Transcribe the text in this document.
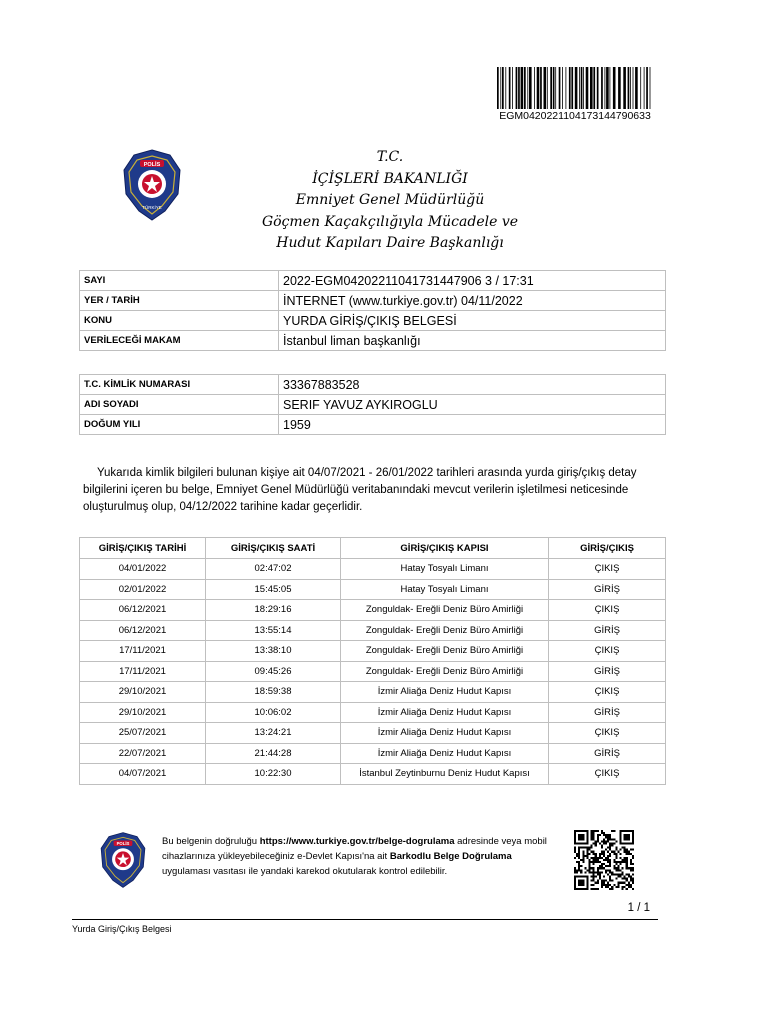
EGM0420221104173144790633
POLİS
TÜRKİYE
T.C.
İÇİŞLERİ BAKANLIĞI
Emniyet Genel Müdürlüğü
Göçmen Kaçakçılığıyla Mücadele ve
Hudut Kapıları Daire Başkanlığı
SAYI	2022-EGM04202211041731447906 3 / 17:31
YER / TARİH	İNTERNET (www.turkiye.gov.tr) 04/11/2022
KONU	YURDA GİRİŞ/ÇIKIŞ BELGESİ
VERİLECEĞİ MAKAM	İstanbul liman başkanlığı
T.C. KİMLİK NUMARASI	33367883528
ADI SOYADI	SERIF YAVUZ AYKIROGLU
DOĞUM YILI	1959
Yukarıda kimlik bilgileri bulunan kişiye ait 04/07/2021 - 26/01/2022 tarihleri arasında yurda giriş/çıkış detay bilgilerini içeren bu belge, Emniyet Genel Müdürlüğü veritabanındaki mevcut verilerin işletilmesi neticesinde oluşturulmuş olup, 04/12/2022 tarihine kadar geçerlidir.
GİRİŞ/ÇIKIŞ TARİHİ	GİRİŞ/ÇIKIŞ SAATİ	GİRİŞ/ÇIKIŞ KAPISI	GİRİŞ/ÇIKIŞ
04/01/2022	02:47:02	Hatay Tosyalı Limanı	ÇIKIŞ
02/01/2022	15:45:05	Hatay Tosyalı Limanı	GİRİŞ
06/12/2021	18:29:16	Zonguldak- Ereğli Deniz Büro Amirliği	ÇIKIŞ
06/12/2021	13:55:14	Zonguldak- Ereğli Deniz Büro Amirliği	GİRİŞ
17/11/2021	13:38:10	Zonguldak- Ereğli Deniz Büro Amirliği	ÇIKIŞ
17/11/2021	09:45:26	Zonguldak- Ereğli Deniz Büro Amirliği	GİRİŞ
29/10/2021	18:59:38	İzmir Aliağa Deniz Hudut Kapısı	ÇIKIŞ
29/10/2021	10:06:02	İzmir Aliağa Deniz Hudut Kapısı	GİRİŞ
25/07/2021	13:24:21	İzmir Aliağa Deniz Hudut Kapısı	ÇIKIŞ
22/07/2021	21:44:28	İzmir Aliağa Deniz Hudut Kapısı	GİRİŞ
04/07/2021	10:22:30	İstanbul Zeytinburnu Deniz Hudut Kapısı	ÇIKIŞ
POLİS	Bu belgenin doğruluğu https://www.turkiye.gov.tr/belge-dogrulama adresinde veya mobil cihazlarınıza yükleyebileceğiniz e-Devlet Kapısı'na ait Barkodlu Belge Doğrulama uygulaması vasıtası ile yandaki karekod okutularak kontrol edilebilir.
1 / 1
Yurda Giriş/Çıkış Belgesi
